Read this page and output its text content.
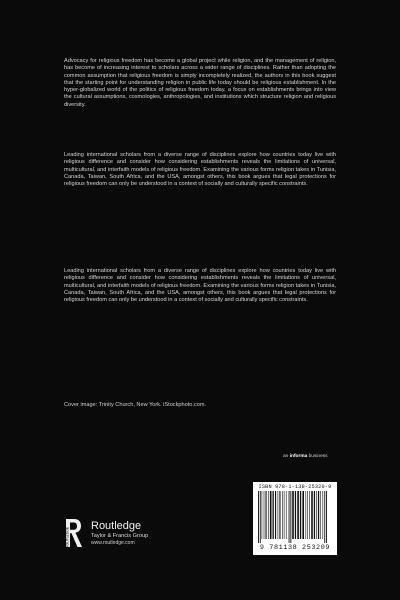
Advocacy for religious freedom has become a global project while religion, and the management of religion, has become of increasing interest to scholars across a wider range of disciplines. Rather than adopting the common assumption that religious freedom is simply incompletely realized, the authors in this book suggest that the starting point for understanding religion in public life today should be religious establishment. In the hyper-globalized world of the politics of religious freedom today, a focus on establishments brings into view the cultural assumptions, cosmologies, anthropologies, and institutions which structure religion and religious diversity.
Leading international scholars from a diverse range of disciplines explore how countries today live with religious difference and consider how considering establishments reveals the limitations of universal, multicultural, and interfaith models of religious freedom. Examining the various forms religion takes in Tunisia, Canada, Taiwan, South Africa, and the USA, amongst others, this book argues that legal protections for religious freedom can only be understood in a context of socially and culturally specific constraints.
Leading international scholars from a diverse range of disciplines explore how countries today live with religious difference and consider how considering establishments reveals the limitations of universal, multicultural, and interfaith models of religious freedom. Examining the various forms religion takes in Tunisia, Canada, Taiwan, South Africa, and the USA, amongst others, this book argues that legal protections for religious freedom can only be understood in a context of socially and culturally specific constraints.
Cover image: Trinity Church, New York. iStockphoto.com.
an informa business
ROUTLEDGE
Routledge
Taylor & Francis Group
www.routledge.com
ISBN 978-1-138-25320-9
9 781138 253209
